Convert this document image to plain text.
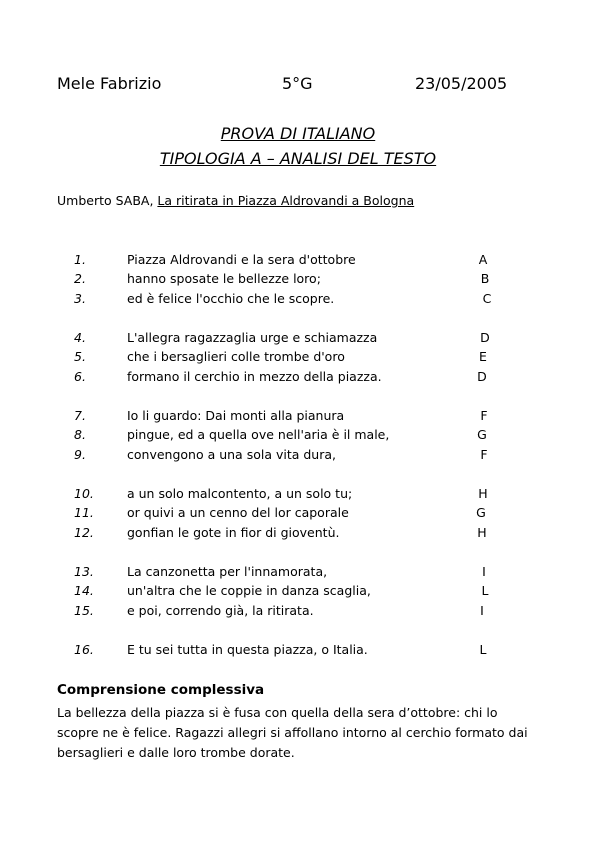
Mele Fabrizio	5°G	23/05/2005
PROVA DI ITALIANO
TIPOLOGIA A – ANALISI DEL TESTO
Umberto SABA, La ritirata in Piazza Aldrovandi a Bologna
1.	Piazza Aldrovandi e la sera d'ottobre	A
2.	hanno sposate le bellezze loro;	B
3.	ed è felice l'occhio che le scopre.	C
4.	L'allegra ragazzaglia urge e schiamazza	D
5.	che i bersaglieri colle trombe d'oro	E
6.	formano il cerchio in mezzo della piazza.	D
7.	Io li guardo: Dai monti alla pianura	F
8.	pingue, ed a quella ove nell'aria è il male,	G
9.	convengono a una sola vita dura,	F
10.	a un solo malcontento, a un solo tu;	H
11.	or quivi a un cenno del lor caporale	G
12.	gonfian le gote in fior di gioventù.	H
13.	La canzonetta per l'innamorata,	I
14.	un'altra che le coppie in danza scaglia,	L
15.	e poi, correndo già, la ritirata.	I
16.	E tu sei tutta in questa piazza, o Italia.	L
Comprensione complessiva
La bellezza della piazza si è fusa con quella della sera d’ottobre: chi lo scopre ne è felice. Ragazzi allegri si affollano intorno al cerchio formato dai bersaglieri e dalle loro trombe dorate.
